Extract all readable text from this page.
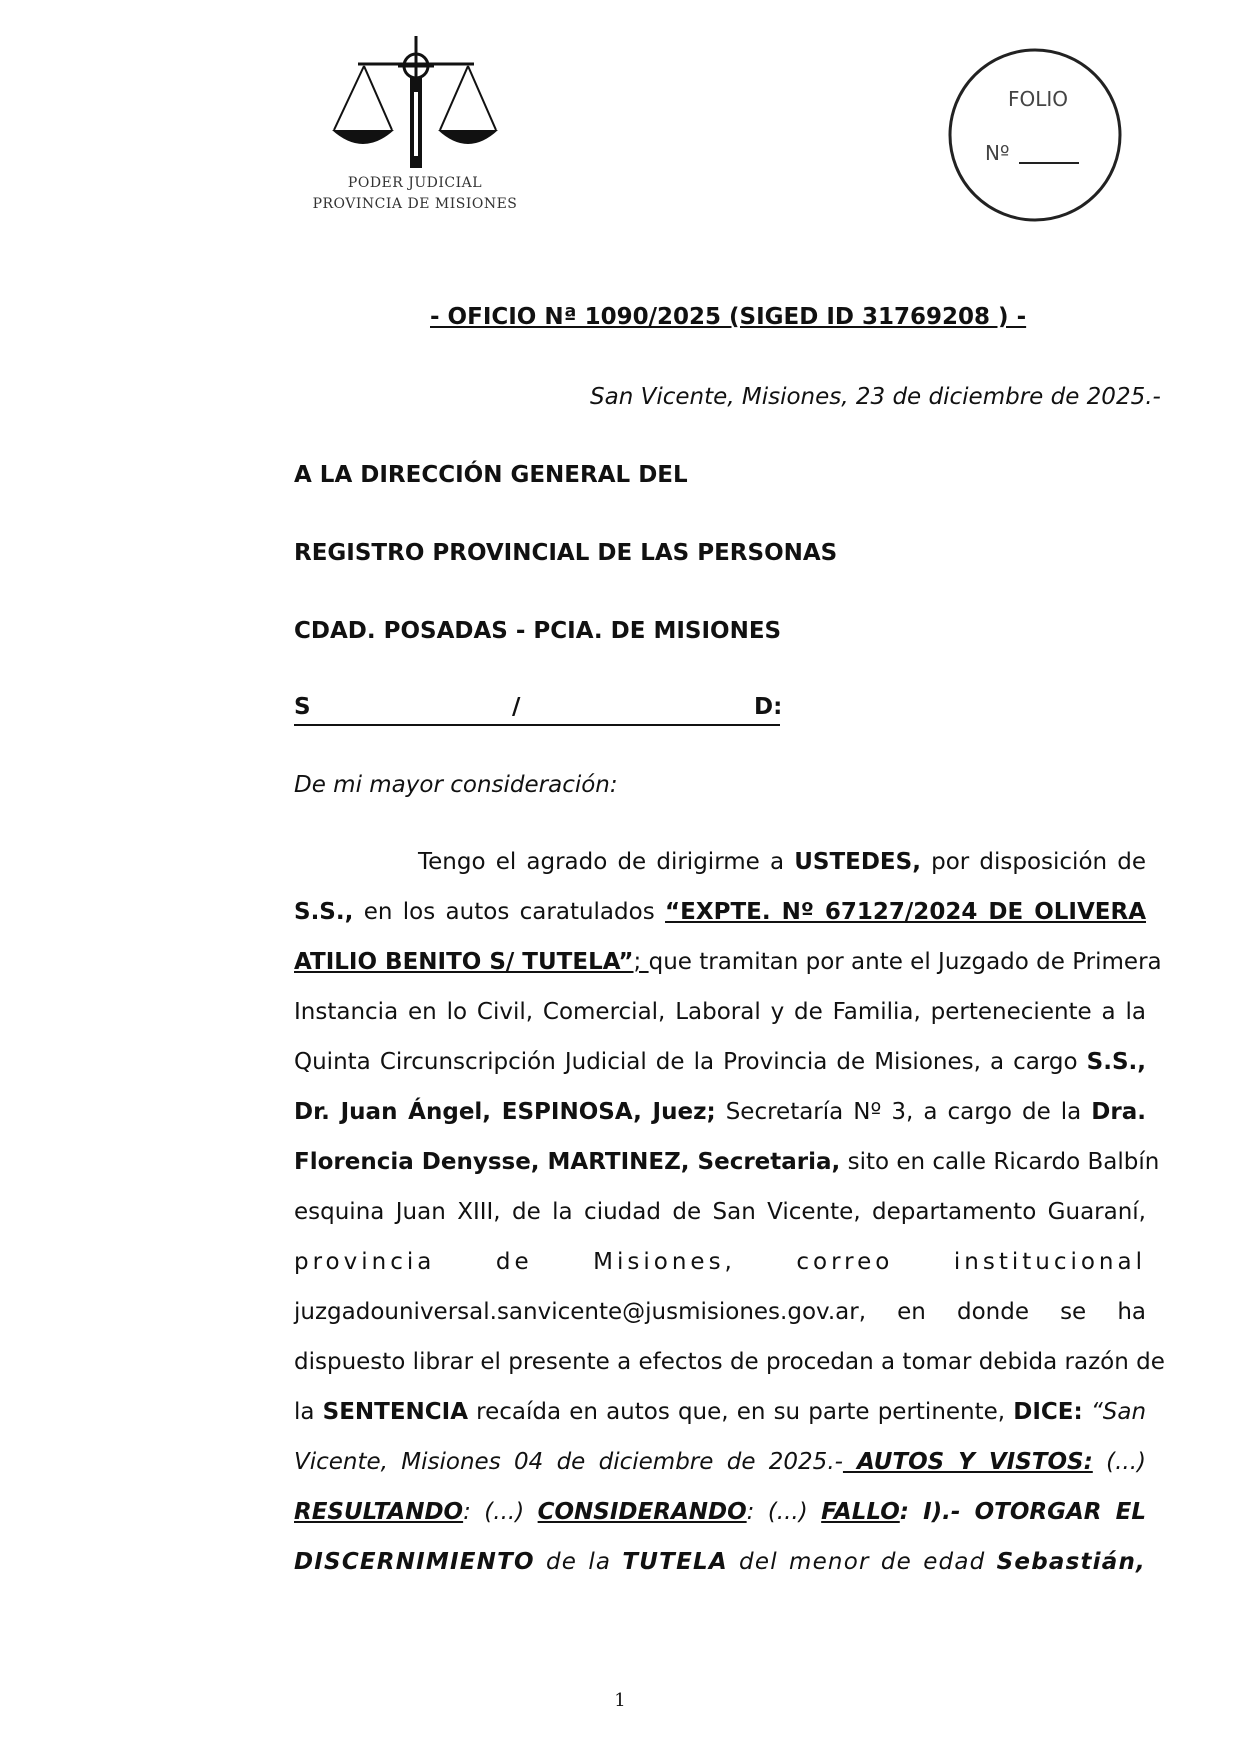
PODER JUDICIAL
PROVINCIA DE MISIONES
FOLIO
Nº
- OFICIO Nª 1090/2025 (SIGED ID 31769208 ) -
San Vicente, Misiones, 23 de diciembre de 2025.-
A LA DIRECCIÓN GENERAL DEL
REGISTRO PROVINCIAL DE LAS PERSONAS
CDAD. POSADAS - PCIA. DE MISIONES
S	/	D:
De mi mayor consideración:
Tengo el agrado de dirigirme a USTEDES, por disposición de
S.S., en los autos caratulados “EXPTE. Nº 67127/2024 DE OLIVERA
ATILIO BENITO S/ TUTELA”; que tramitan por ante el Juzgado de Primera
Instancia en lo Civil, Comercial, Laboral y de Familia, perteneciente a la
Quinta Circunscripción Judicial de la Provincia de Misiones, a cargo S.S.,
Dr. Juan Ángel, ESPINOSA, Juez; Secretaría Nº 3, a cargo de la Dra.
Florencia Denysse, MARTINEZ, Secretaria, sito en calle Ricardo Balbín
esquina Juan XIII, de la ciudad de San Vicente, departamento Guaraní,
provincia	de	Misiones,	correo	institucional
juzgadouniversal.sanvicente@jusmisiones.gov.ar, en donde se ha
dispuesto librar el presente a efectos de procedan a tomar debida razón de
la SENTENCIA recaída en autos que, en su parte pertinente, DICE: “San
Vicente, Misiones 04 de diciembre de 2025.- AUTOS Y VISTOS: (...)
RESULTANDO: (...) CONSIDERANDO: (...) FALLO: I).- OTORGAR EL
DISCERNIMIENTO de la TUTELA del menor de edad Sebastián,
1
